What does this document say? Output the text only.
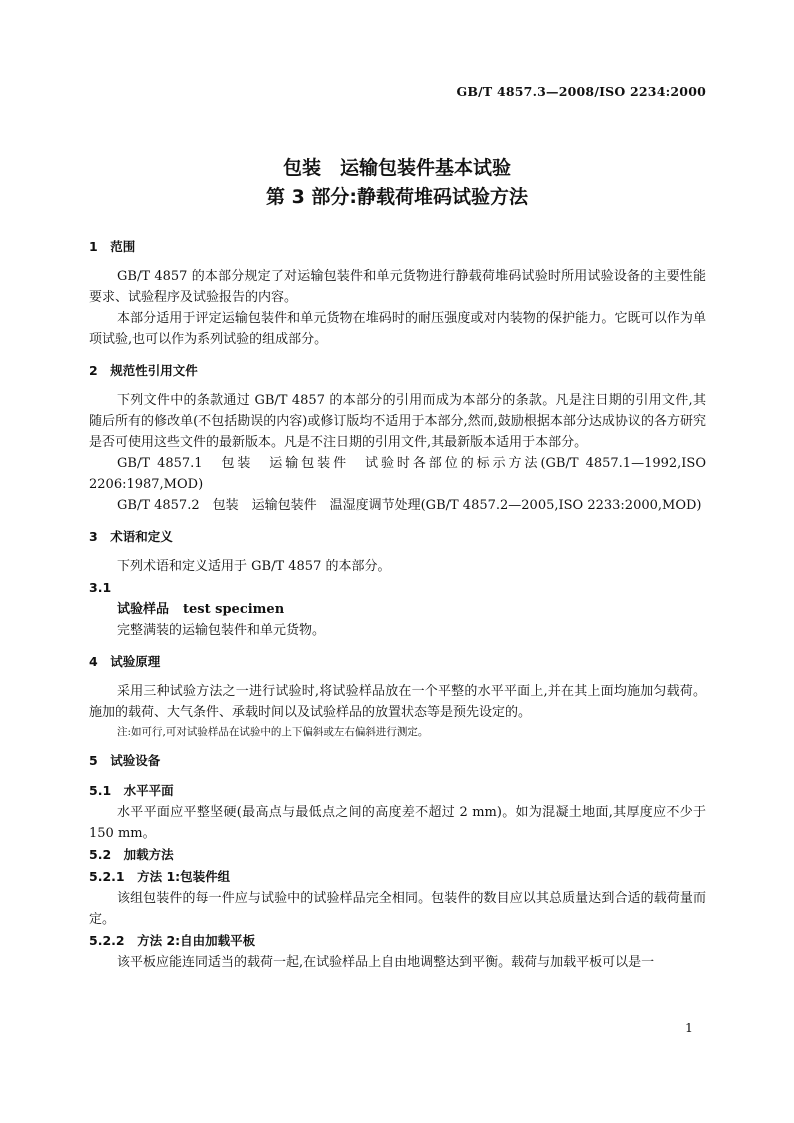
GB/T 4857.3—2008/ISO 2234:2000
包装　运输包装件基本试验
第 3 部分:静载荷堆码试验方法
1　范围

GB/T 4857 的本部分规定了对运输包装件和单元货物进行静载荷堆码试验时所用试验设备的主要性能要求、试验程序及试验报告的内容。

本部分适用于评定运输包装件和单元货物在堆码时的耐压强度或对内装物的保护能力。它既可以作为单项试验,也可以作为系列试验的组成部分。

2　规范性引用文件

下列文件中的条款通过 GB/T 4857 的本部分的引用而成为本部分的条款。凡是注日期的引用文件,其随后所有的修改单(不包括勘误的内容)或修订版均不适用于本部分,然而,鼓励根据本部分达成协议的各方研究是否可使用这些文件的最新版本。凡是不注日期的引用文件,其最新版本适用于本部分。

GB/T 4857.1　包装　运输包装件　试验时各部位的标示方法(GB/T 4857.1—1992,ISO 2206:1987,MOD)

GB/T 4857.2　包装　运输包装件　温湿度调节处理(GB/T 4857.2—2005,ISO 2233:2000,MOD)

3　术语和定义

下列术语和定义适用于 GB/T 4857 的本部分。

3.1
试验样品 test specimen

完整满装的运输包装件和单元货物。

4　试验原理

采用三种试验方法之一进行试验时,将试验样品放在一个平整的水平平面上,并在其上面均施加匀载荷。施加的载荷、大气条件、承载时间以及试验样品的放置状态等是预先设定的。

注:如可行,可对试验样品在试验中的上下偏斜或左右偏斜进行测定。
5　试验设备
5.1　水平平面

水平平面应平整坚硬(最高点与最低点之间的高度差不超过 2 mm)。如为混凝土地面,其厚度应不少于 150 mm。

5.2　加载方法
5.2.1　方法 1:包装件组

该组包装件的每一件应与试验中的试验样品完全相同。包装件的数目应以其总质量达到合适的载荷量而定。

5.2.2　方法 2:自由加载平板

该平板应能连同适当的载荷一起,在试验样品上自由地调整达到平衡。载荷与加载平板可以是一

1
